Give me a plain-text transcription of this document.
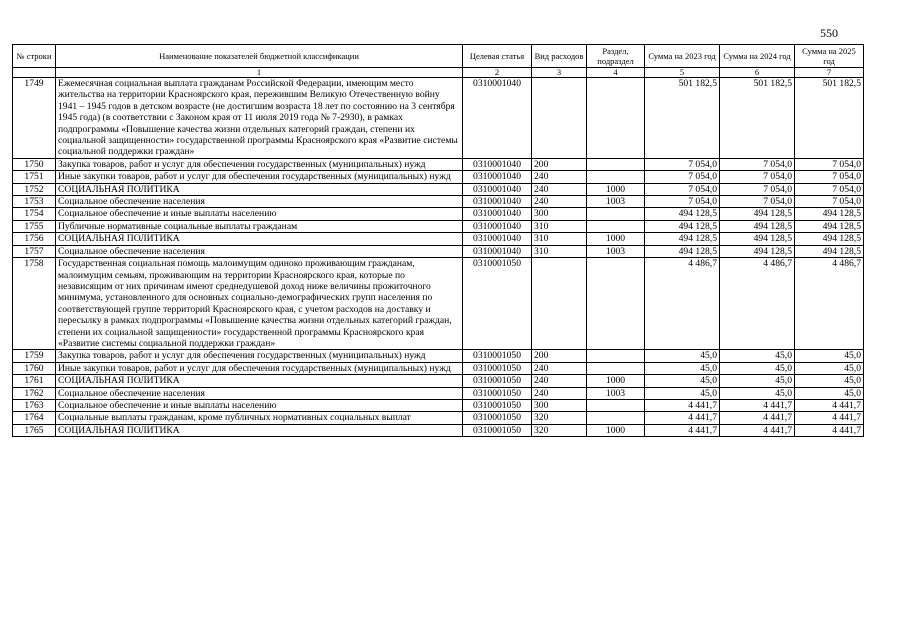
550
№ строки	Наименование показателей бюджетной классификации	Целевая статья	Вид расходов	Раздел, подраздел	Сумма на 2023 год	Сумма на 2024 год	Сумма на 2025 год
	1	2	3	4	5	6	7
1749	Ежемесячная социальная выплата гражданам Российской Федерации, имеющим место жительства на территории Красноярского края, пережившим Великую Отечественную войну 1941 – 1945 годов в детском возрасте (не достигшим возраста 18 лет по состоянию на 3 сентября 1945 года) (в соответствии с Законом края от 11 июля 2019 года № 7-2930), в рамках подпрограммы «Повышение качества жизни отдельных категорий граждан, степени их социальной защищенности» государственной программы Красноярского края «Развитие системы социальной поддержки граждан»	0310001040			501 182,5	501 182,5	501 182,5
1750	Закупка товаров, работ и услуг для обеспечения государственных (муниципальных) нужд	0310001040	200		7 054,0	7 054,0	7 054,0
1751	Иные закупки товаров, работ и услуг для обеспечения государственных (муниципальных) нужд	0310001040	240		7 054,0	7 054,0	7 054,0
1752	СОЦИАЛЬНАЯ ПОЛИТИКА	0310001040	240	1000	7 054,0	7 054,0	7 054,0
1753	Социальное обеспечение населения	0310001040	240	1003	7 054,0	7 054,0	7 054,0
1754	Социальное обеспечение и иные выплаты населению	0310001040	300		494 128,5	494 128,5	494 128,5
1755	Публичные нормативные социальные выплаты гражданам	0310001040	310		494 128,5	494 128,5	494 128,5
1756	СОЦИАЛЬНАЯ ПОЛИТИКА	0310001040	310	1000	494 128,5	494 128,5	494 128,5
1757	Социальное обеспечение населения	0310001040	310	1003	494 128,5	494 128,5	494 128,5
1758	Государственная социальная помощь малоимущим одиноко проживающим гражданам, малоимущим семьям, проживающим на территории Красноярского края, которые по независящим от них причинам имеют среднедушевой доход ниже величины прожиточного минимума, установленного для основных социально-демографических групп населения по соответствующей группе территорий Красноярского края, с учетом расходов на доставку и пересылку в рамках подпрограммы «Повышение качества жизни отдельных категорий граждан, степени их социальной защищенности» государственной программы Красноярского края «Развитие системы социальной поддержки граждан»	0310001050			4 486,7	4 486,7	4 486,7
1759	Закупка товаров, работ и услуг для обеспечения государственных (муниципальных) нужд	0310001050	200		45,0	45,0	45,0
1760	Иные закупки товаров, работ и услуг для обеспечения государственных (муниципальных) нужд	0310001050	240		45,0	45,0	45,0
1761	СОЦИАЛЬНАЯ ПОЛИТИКА	0310001050	240	1000	45,0	45,0	45,0
1762	Социальное обеспечение населения	0310001050	240	1003	45,0	45,0	45,0
1763	Социальное обеспечение и иные выплаты населению	0310001050	300		4 441,7	4 441,7	4 441,7
1764	Социальные выплаты гражданам, кроме публичных нормативных социальных выплат	0310001050	320		4 441,7	4 441,7	4 441,7
1765	СОЦИАЛЬНАЯ ПОЛИТИКА	0310001050	320	1000	4 441,7	4 441,7	4 441,7
